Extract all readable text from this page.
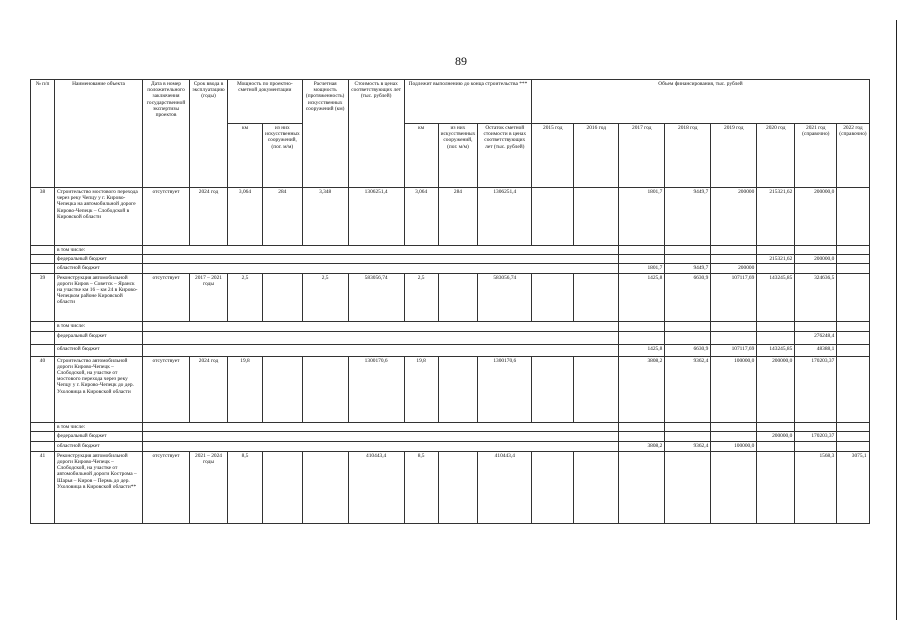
89
№ п/п	Наименование объекта	Дата в номер положительного заключения государственной экспертизы проектов	Срок ввода в эксплуатацию (годы)	Мощность по проектно-сметной документации		Расчетная мощность (протяженность) искусственных сооружений (км)	Стоимость в ценах соответствующих лет (тыс. рублей)	Подлежит выполнению до конца строительства ***			Объем финансирования, тыс. рублей							
				км	из них искусственных сооружений, (пог. м/м)			км	из них искусственных сооружений, (пог. м/м)	Остаток сметной стоимости в ценах соответствующих лет (тыс. рублей)	2015 год	2016 год	2017 год	2018 год	2019 год	2020 год	2021 год (справочно)	2022 год (справочно)
38	Строительство мостового перехода через реку Чепцу у г. Кирово-Чепецка на автомобильной дороге Кирово-Чепецк – Слободской в Кировской области	отсутствует	2024 год	3,064	284	3,348	1306251,4	3,064	284	1306251,4			1801,7	9449,7	200000	215321,62	200000,0	
	в том числе:																	
	федеральный бюджет															215321,62	200000,0	
	областной бюджет												1801,7	9449,7	200000			
39	Реконструкция автомобильной дороги Киров – Советск – Яранск на участке км 16 – км 24 в Кирово-Чепецком районе Кировской области	отсутствует	2017 – 2021 годы	2,5		2,5	583056,74	2,5		583056,74			1425,8	6630,9	107117,69	143245,85	324636,5	
	в том числе:																	
	федеральный бюджет																276248,4	
	областной бюджет												1425,8	6630,9	107117,69	143245,85	48388,1	
40	Строительство автомобильной дороги Кирово-Чепецк – Слободской, на участке от мостового перехода через реку Чепцу у г. Кирово-Чепецк до дер. Ухоловица в Кировской области	отсутствует	2024 год	19,8			1300170,6	19,8		1300170,6			3808,2	9362,4	100000,0	200000,0	170203,37	
	в том числе:																	
	федеральный бюджет															200000,0	170203,37	
	областной бюджет												3808,2	9362,4	100000,0			
41	Реконструкция автомобильной дороги Кирово-Чепецк – Слободской, на участке от автомобильной дороги Кострома – Шарья – Киров – Пермь до дер. Ухоловица в Кировской области**	отсутствует	2021 – 2024 годы	8,5			410443,4	8,5		410443,4							1568,3	3075,1
